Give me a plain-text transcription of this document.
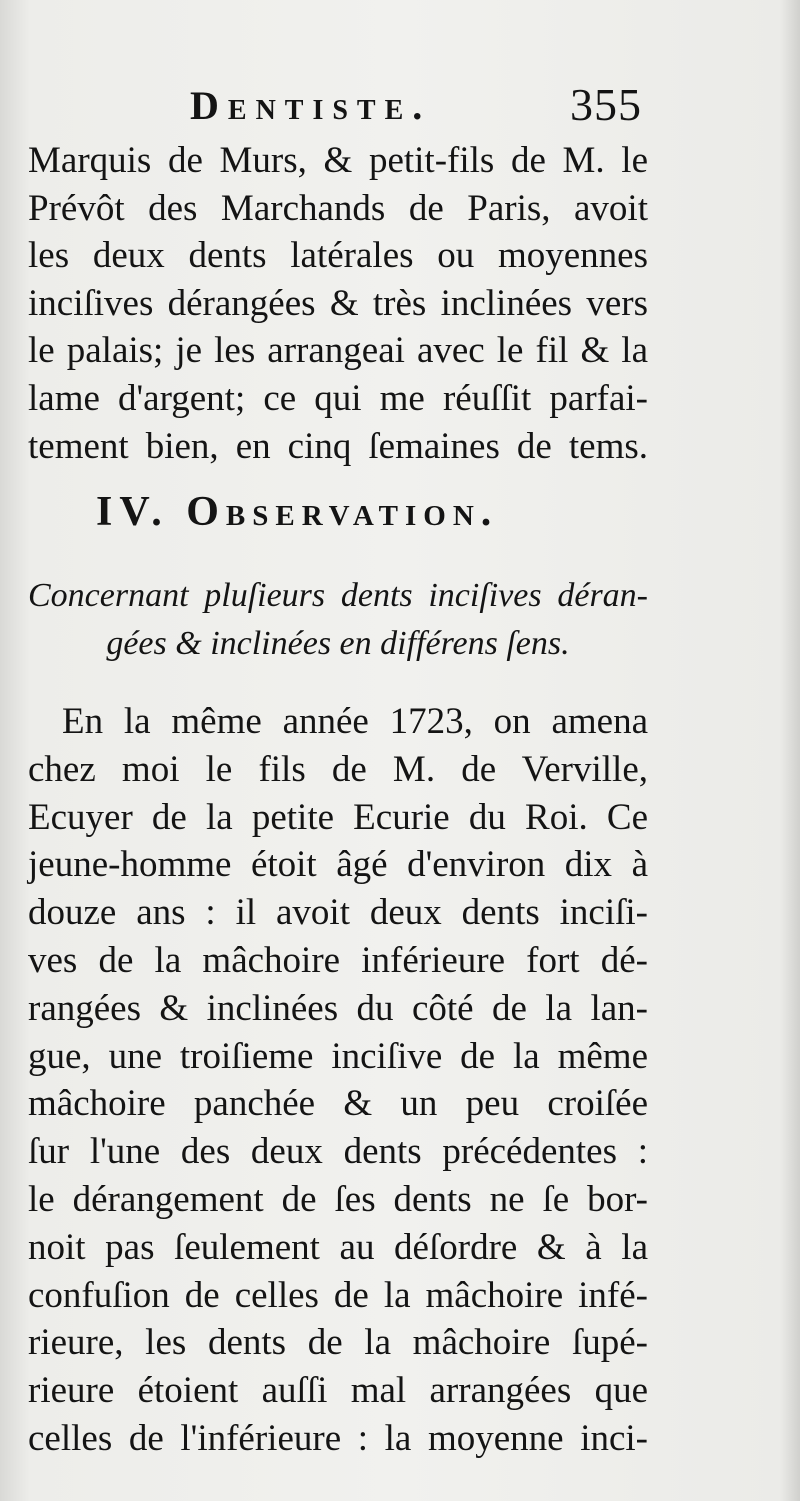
Dentiste.	355
Marquis de Murs, & petit-fils de M. le
Prévôt des Marchands de Paris, avoit
les deux dents latérales ou moyennes
inciſives dérangées & très inclinées vers
le palais; je les arrangeai avec le fil & la
lame d'argent; ce qui me réuſſit parfai-
tement bien, en cinq ſemaines de tems.
IV. Observation.
Concernant pluſieurs dents inciſives déran-
gées & inclinées en différens ſens.
En la même année 1723, on amena
chez moi le fils de M. de Verville,
Ecuyer de la petite Ecurie du Roi. Ce
jeune-homme étoit âgé d'environ dix à
douze ans : il avoit deux dents inciſi-
ves de la mâchoire inférieure fort dé-
rangées & inclinées du côté de la lan-
gue, une troiſieme inciſive de la même
mâchoire panchée & un peu croiſée
ſur l'une des deux dents précédentes :
le dérangement de ſes dents ne ſe bor-
noit pas ſeulement au déſordre & à la
confuſion de celles de la mâchoire infé-
rieure, les dents de la mâchoire ſupé-
rieure étoient auſſi mal arrangées que
celles de l'inférieure : la moyenne inci-
